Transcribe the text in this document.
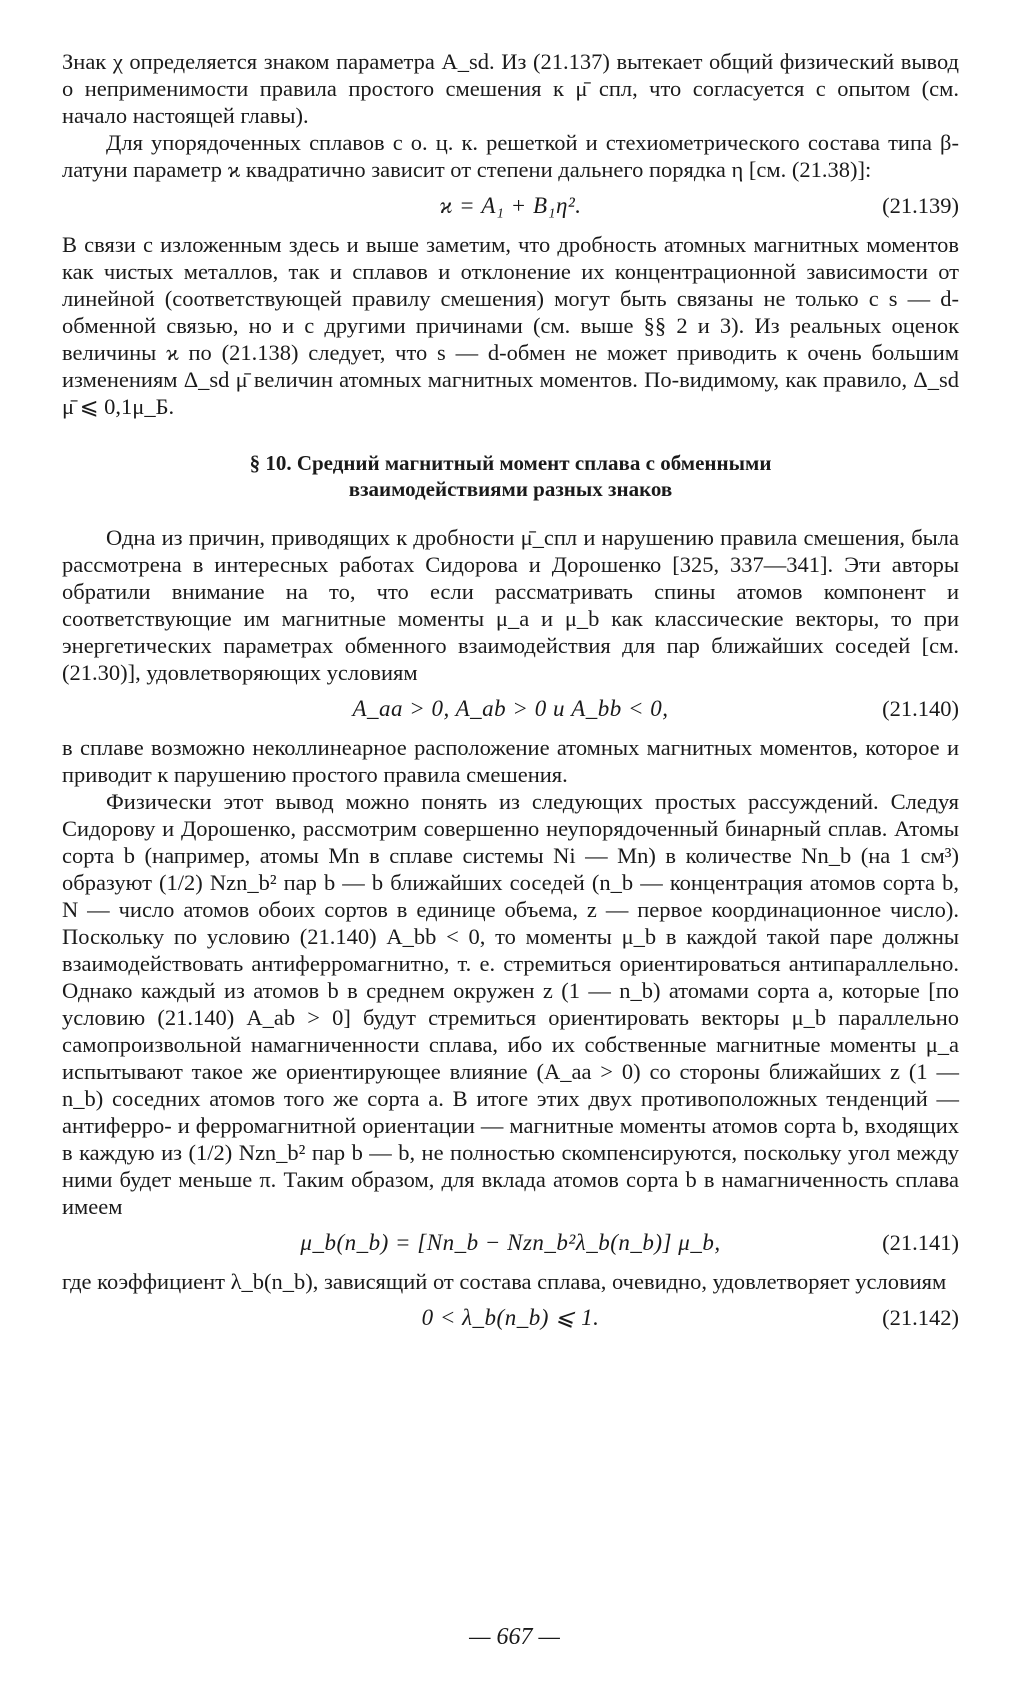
Знак χ определяется знаком параметра A_sd. Из (21.137) вытекает общий физический вывод о неприменимости правила простого смешения к μ̄ спл, что согласуется с опытом (см. начало настоящей главы).

Для упорядоченных сплавов с о. ц. к. решеткой и стехиометрического состава типа β-латуни параметр ϰ квадратично зависит от степени дальнего порядка η [см. (21.38)]:

ϰ = A₁ + B₁η².	(21.139)

В связи с изложенным здесь и выше заметим, что дробность атомных магнитных моментов как чистых металлов, так и сплавов и отклонение их концентрационной зависимости от линейной (соответствующей правилу смешения) могут быть связаны не только с s — d-обменной связью, но и с другими причинами (см. выше §§ 2 и 3). Из реальных оценок величины ϰ по (21.138) следует, что s — d-обмен не может приводить к очень большим изменениям Δ_sd μ̄ величин атомных магнитных моментов. По-видимому, как правило, Δ_sd μ̄ ⩽ 0,1μ_Б.

§ 10. Средний магнитный момент сплава с обменными
взаимодействиями разных знаков

Одна из причин, приводящих к дробности μ̄_спл и нарушению правила смешения, была рассмотрена в интересных работах Сидорова и Дорошенко [325, 337—341]. Эти авторы обратили внимание на то, что если рассматривать спины атомов компонент и соответствующие им магнитные моменты μ_a и μ_b как классические векторы, то при энергетических параметрах обменного взаимодействия для пар ближайших соседей [см. (21.30)], удовлетворяющих условиям

A_aa > 0, A_ab > 0 и A_bb < 0,	(21.140)

в сплаве возможно неколлинеарное расположение атомных магнитных моментов, которое и приводит к парушению простого правила смешения.

Физически этот вывод можно понять из следующих простых рассуждений. Следуя Сидорову и Дорошенко, рассмотрим совершенно неупорядоченный бинарный сплав. Атомы сорта b (например, атомы Mn в сплаве системы Ni — Mn) в количестве Nn_b (на 1 см³) образуют (1/2) Nzn_b² пар b — b ближайших соседей (n_b — концентрация атомов сорта b, N — число атомов обоих сортов в единице объема, z — первое координационное число). Поскольку по условию (21.140) A_bb < 0, то моменты μ_b в каждой такой паре должны взаимодействовать антиферромагнитно, т. е. стремиться ориентироваться антипараллельно. Однако каждый из атомов b в среднем окружен z (1 — n_b) атомами сорта a, которые [по условию (21.140) A_ab > 0] будут стремиться ориентировать векторы μ_b параллельно самопроизвольной намагниченности сплава, ибо их собственные магнитные моменты μ_a испытывают такое же ориентирующее влияние (A_aa > 0) со стороны ближайших z (1 — n_b) соседних атомов того же сорта a. В итоге этих двух противоположных тенденций — антиферро- и ферромагнитной ориентации — магнитные моменты атомов сорта b, входящих в каждую из (1/2) Nzn_b² пар b — b, не полностью скомпенсируются, поскольку угол между ними будет меньше π. Таким образом, для вклада атомов сорта b в намагниченность сплава имеем

μ_b(n_b) = [Nn_b − Nzn_b²λ_b(n_b)] μ_b,	(21.141)

где коэффициент λ_b(n_b), зависящий от состава сплава, очевидно, удовлетворяет условиям

0 < λ_b(n_b) ⩽ 1.	(21.142)
— 667 —
